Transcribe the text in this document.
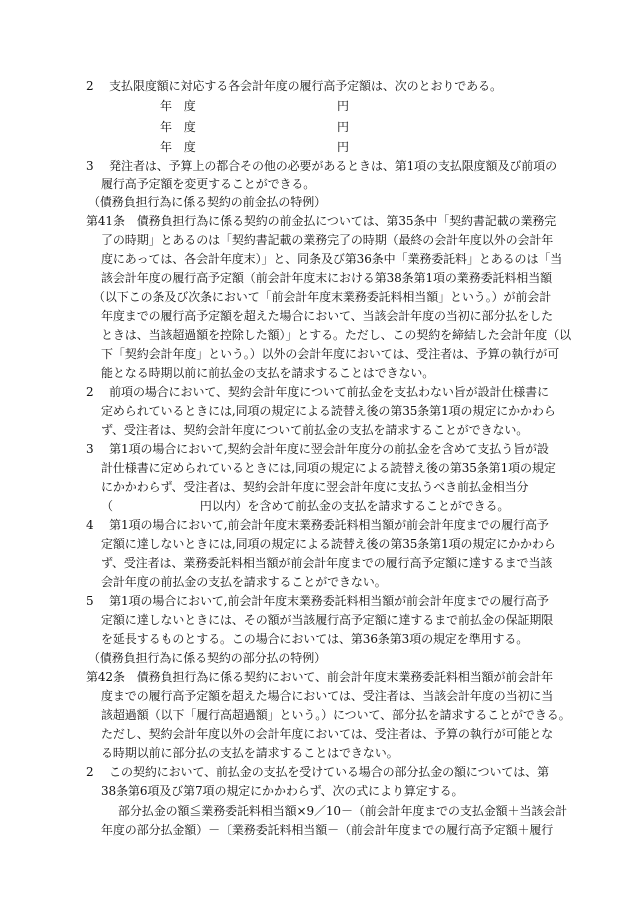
2　 支払限度額に対応する各会計年度の履行高予定額は、次のとおりである。
年　度	円
年　度	円
年　度	円
3　 発注者は、予算上の都合その他の必要があるときは、第1項の支払限度額及び前項の
履行高予定額を変更することができる。
（債務負担行為に係る契約の前金払の特例）
第41条　債務負担行為に係る契約の前金払については、第35条中「契約書記載の業務完
了の時期」とあるのは「契約書記載の業務完了の時期（最終の会計年度以外の会計年
度にあっては、各会計年度末）」と、同条及び第36条中「業務委託料」とあるのは「当
該会計年度の履行高予定額（前会計年度末における第38条第1項の業務委託料相当額
（以下この条及び次条において「前会計年度末業務委託料相当額」という。）が前会計
年度までの履行高予定額を超えた場合において、当該会計年度の当初に部分払をした
ときは、当該超過額を控除した額）」とする。ただし、この契約を締結した会計年度（以
下「契約会計年度」という。）以外の会計年度においては、受注者は、予算の執行が可
能となる時期以前に前払金の支払を請求することはできない。
2　 前項の場合において、契約会計年度について前払金を支払わない旨が設計仕様書に
定められているときには,同項の規定による読替え後の第35条第1項の規定にかかわら
ず、受注者は、契約会計年度について前払金の支払を請求することができない。
3　 第1項の場合において,契約会計年度に翌会計年度分の前払金を含めて支払う旨が設
計仕様書に定められているときには,同項の規定による読替え後の第35条第1項の規定
にかかわらず、受注者は、契約会計年度に翌会計年度に支払うべき前払金相当分
（　　　　　　　 円以内）を含めて前払金の支払を請求することができる。
4　 第1項の場合において,前会計年度末業務委託料相当額が前会計年度までの履行高予
定額に達しないときには,同項の規定による読替え後の第35条第1項の規定にかかわら
ず、受注者は、業務委託料相当額が前会計年度までの履行高予定額に達するまで当該
会計年度の前払金の支払を請求することができない。
5　 第1項の場合において,前会計年度末業務委託料相当額が前会計年度までの履行高予
定額に達しないときには、その額が当該履行高予定額に達するまで前払金の保証期限
を延長するものとする。この場合においては、第36条第3項の規定を準用する。
（債務負担行為に係る契約の部分払の特例）
第42条　債務負担行為に係る契約において、前会計年度末業務委託料相当額が前会計年
度までの履行高予定額を超えた場合においては、受注者は、当該会計年度の当初に当
該超過額（以下「履行高超過額」という。）について、部分払を請求することができる。
ただし、契約会計年度以外の会計年度においては、受注者は、予算の執行が可能とな
る時期以前に部分払の支払を請求することはできない。
2　 この契約において、前払金の支払を受けている場合の部分払金の額については、第
38条第6項及び第7項の規定にかかわらず、次の式により算定する。
部分払金の額≦業務委託料相当額×9／10－（前会計年度までの支払金額＋当該会計
年度の部分払金額）－〔業務委託料相当額－（前会計年度までの履行高予定額＋履行
